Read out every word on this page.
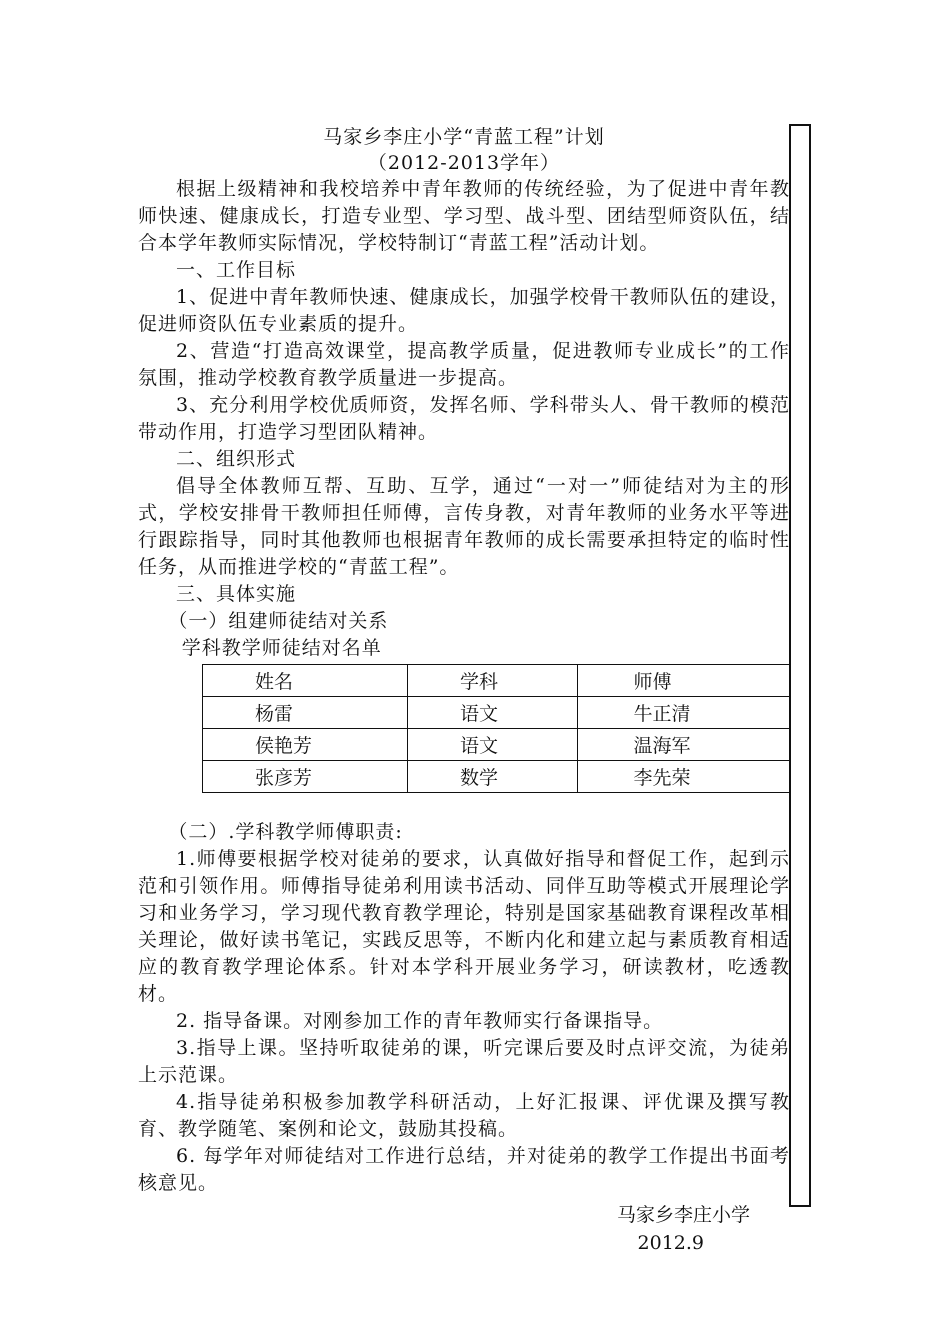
马家乡李庄小学“青蓝工程”计划
（2012-2013学年）

根据上级精神和我校培养中青年教师的传统经验，为了促进中青年教师快速、健康成长，打造专业型、学习型、战斗型、团结型师资队伍，结合本学年教师实际情况，学校特制订“青蓝工程”活动计划。

一、工作目标

1、促进中青年教师快速、健康成长，加强学校骨干教师队伍的建设，促进师资队伍专业素质的提升。

2、营造“打造高效课堂，提高教学质量，促进教师专业成长”的工作氛围，推动学校教育教学质量进一步提高。

3、充分利用学校优质师资，发挥名师、学科带头人、骨干教师的模范带动作用，打造学习型团队精神。

二、组织形式

倡导全体教师互帮、互助、互学，通过“一对一”师徒结对为主的形式，学校安排骨干教师担任师傅，言传身教，对青年教师的业务水平等进行跟踪指导，同时其他教师也根据青年教师的成长需要承担特定的临时性任务，从而推进学校的“青蓝工程”。

三、具体实施

（一）组建师徒结对关系

学科教学师徒结对名单

姓名	学科	师傅
杨雷	语文	牛正清
侯艳芳	语文	温海军
张彦芳	数学	李先荣

（二）.学科教学师傅职责:

1.师傅要根据学校对徒弟的要求，认真做好指导和督促工作，起到示范和引领作用。师傅指导徒弟利用读书活动、同伴互助等模式开展理论学习和业务学习，学习现代教育教学理论，特别是国家基础教育课程改革相关理论，做好读书笔记，实践反思等，不断内化和建立起与素质教育相适应的教育教学理论体系。针对本学科开展业务学习，研读教材，吃透教材。

2. 指导备课。对刚参加工作的青年教师实行备课指导。

3.指导上课。坚持听取徒弟的课，听完课后要及时点评交流，为徒弟上示范课。

4.指导徒弟积极参加教学科研活动，上好汇报课、评优课及撰写教育、教学随笔、案例和论文，鼓励其投稿。

6. 每学年对师徒结对工作进行总结，并对徒弟的教学工作提出书面考核意见。

马家乡李庄小学
2012.9
